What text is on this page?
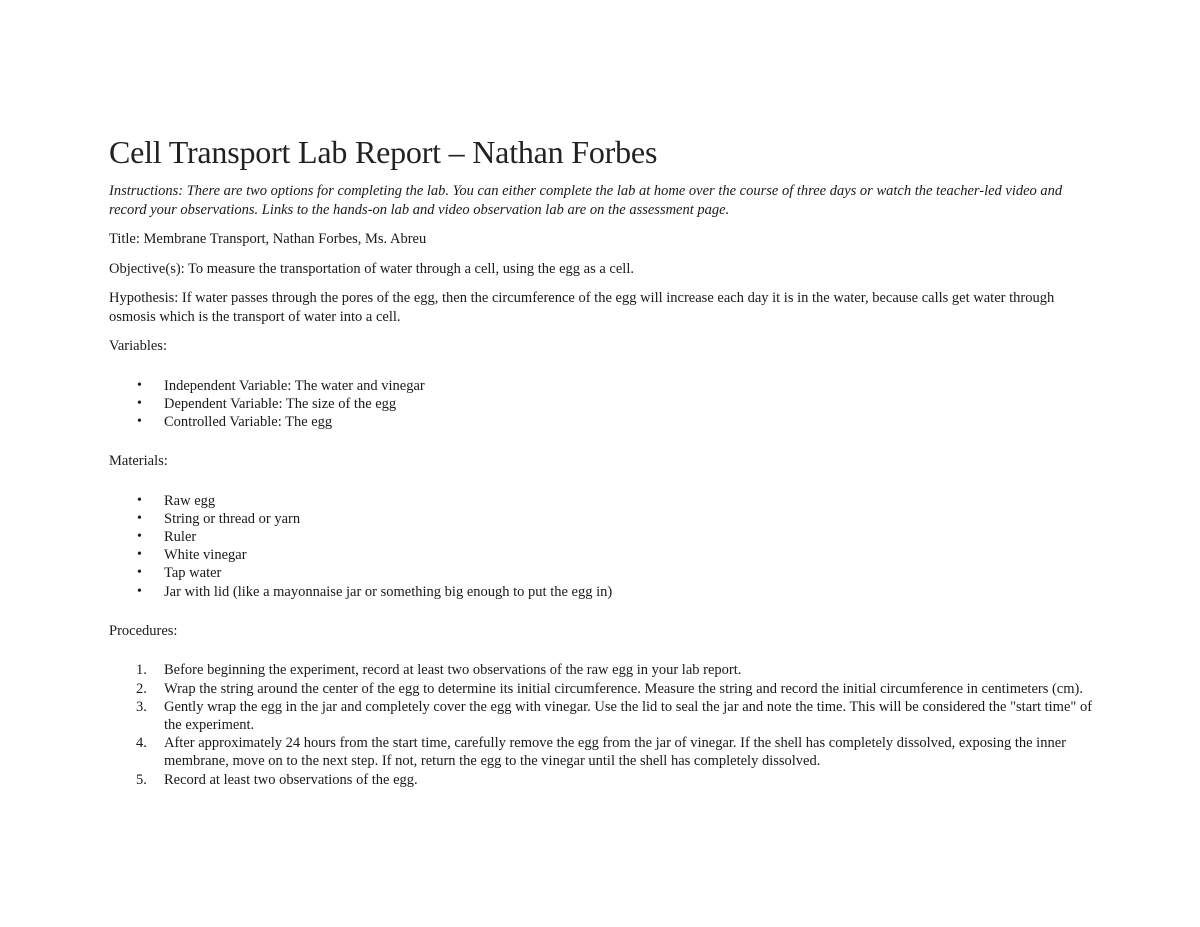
Cell Transport Lab Report – Nathan Forbes

Instructions: There are two options for completing the lab. You can either complete the lab at home over the course of three days or watch the teacher-led video and record your observations. Links to the hands-on lab and video observation lab are on the assessment page.

Title: Membrane Transport, Nathan Forbes, Ms. Abreu

Objective(s): To measure the transportation of water through a cell, using the egg as a cell.

Hypothesis: If water passes through the pores of the egg, then the circumference of the egg will increase each day it is in the water, because calls get water through osmosis which is the transport of water into a cell.

Variables:

• Independent Variable: The water and vinegar
• Dependent Variable: The size of the egg
• Controlled Variable: The egg

Materials:

• Raw egg
• String or thread or yarn
• Ruler
• White vinegar
• Tap water
• Jar with lid (like a mayonnaise jar or something big enough to put the egg in)

Procedures:

1. Before beginning the experiment, record at least two observations of the raw egg in your lab report.
2. Wrap the string around the center of the egg to determine its initial circumference. Measure the string and record the initial circumference in centimeters (cm).
3. Gently wrap the egg in the jar and completely cover the egg with vinegar. Use the lid to seal the jar and note the time. This will be considered the "start time" of the experiment.
4. After approximately 24 hours from the start time, carefully remove the egg from the jar of vinegar. If the shell has completely dissolved, exposing the inner membrane, move on to the next step. If not, return the egg to the vinegar until the shell has completely dissolved.
5. Record at least two observations of the egg.
